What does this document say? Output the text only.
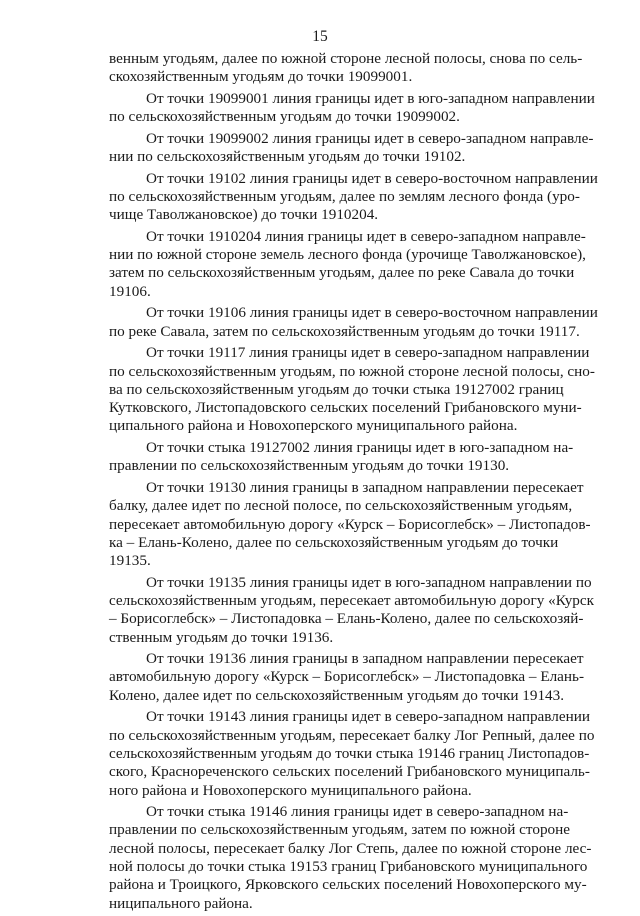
15

венным угодьям, далее по южной стороне лесной полосы, снова по сель-
скохозяйственным угодьям до точки 19099001.

От точки 19099001 линия границы идет в юго-западном направлении
по сельскохозяйственным угодьям до точки 19099002.

От точки 19099002 линия границы идет в северо-западном направле-
нии по сельскохозяйственным угодьям до точки 19102.

От точки 19102 линия границы идет в северо-восточном направлении
по сельскохозяйственным угодьям, далее по землям лесного фонда (уро-
чище Таволжановское) до точки 1910204.

От точки 1910204 линия границы идет в северо-западном направле-
нии по южной стороне земель лесного фонда (урочище Таволжановское),
затем по сельскохозяйственным угодьям, далее по реке Савала до точки
19106.

От точки 19106 линия границы идет в северо-восточном направлении
по реке Савала, затем по сельскохозяйственным угодьям до точки 19117.

От точки 19117 линия границы идет в северо-западном направлении
по сельскохозяйственным угодьям, по южной стороне лесной полосы, сно-
ва по сельскохозяйственным угодьям до точки стыка 19127002 границ
Кутковского, Листопадовского сельских поселений Грибановского муни-
ципального района и Новохоперского муниципального района.

От точки стыка 19127002 линия границы идет в юго-западном на-
правлении по сельскохозяйственным угодьям до точки 19130.

От точки 19130 линия границы в западном направлении пересекает
балку, далее идет по лесной полосе, по сельскохозяйственным угодьям,
пересекает автомобильную дорогу «Курск – Борисоглебск» – Листопадов-
ка – Елань-Колено, далее по сельскохозяйственным угодьям до точки
19135.

От точки 19135 линия границы идет в юго-западном направлении по
сельскохозяйственным угодьям, пересекает автомобильную дорогу «Курск
– Борисоглебск» – Листопадовка – Елань-Колено, далее по сельскохозяй-
ственным угодьям до точки 19136.

От точки 19136 линия границы в западном направлении пересекает
автомобильную дорогу «Курск – Борисоглебск» – Листопадовка – Елань-
Колено, далее идет по сельскохозяйственным угодьям до точки 19143.

От точки 19143 линия границы идет в северо-западном направлении
по сельскохозяйственным угодьям, пересекает балку Лог Репный, далее по
сельскохозяйственным угодьям до точки стыка 19146 границ Листопадов-
ского, Краснореченского сельских поселений Грибановского муниципаль-
ного района и Новохоперского муниципального района.

От точки стыка 19146 линия границы идет в северо-западном на-
правлении по сельскохозяйственным угодьям, затем по южной стороне
лесной полосы, пересекает балку Лог Степь, далее по южной стороне лес-
ной полосы до точки стыка 19153 границ Грибановского муниципального
района и Троицкого, Ярковского сельских поселений Новохоперского му-
ниципального района.
